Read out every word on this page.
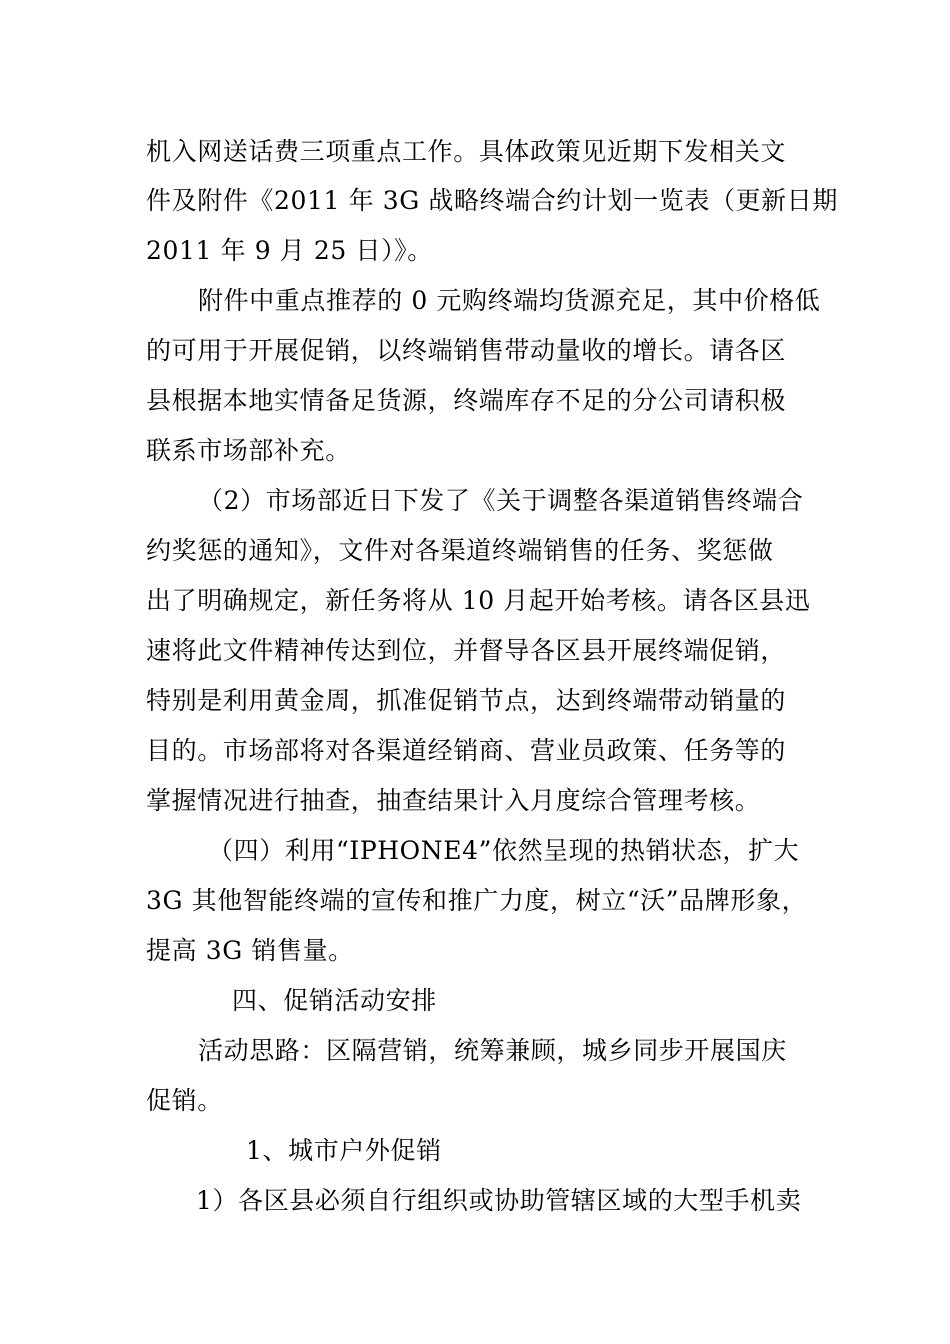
机入网送话费三项重点工作。具体政策见近期下发相关文
件及附件《2011 年 3G 战略终端合约计划一览表（更新日期
2011 年 9 月 25 日）》。
附件中重点推荐的 0 元购终端均货源充足，其中价格低
的可用于开展促销，以终端销售带动量收的增长。请各区
县根据本地实情备足货源，终端库存不足的分公司请积极
联系市场部补充。
（2）市场部近日下发了《关于调整各渠道销售终端合
约奖惩的通知》，文件对各渠道终端销售的任务、奖惩做
出了明确规定，新任务将从 10 月起开始考核。请各区县迅
速将此文件精神传达到位，并督导各区县开展终端促销，
特别是利用黄金周，抓准促销节点，达到终端带动销量的
目的。市场部将对各渠道经销商、营业员政策、任务等的
掌握情况进行抽查，抽查结果计入月度综合管理考核。
（四）利用“IPHONE4”依然呈现的热销状态，扩大
3G 其他智能终端的宣传和推广力度，树立“沃”品牌形象，
提高 3G 销售量。
四、促销活动安排
活动思路：区隔营销，统筹兼顾，城乡同步开展国庆
促销。
1、城市户外促销
1）各区县必须自行组织或协助管辖区域的大型手机卖
